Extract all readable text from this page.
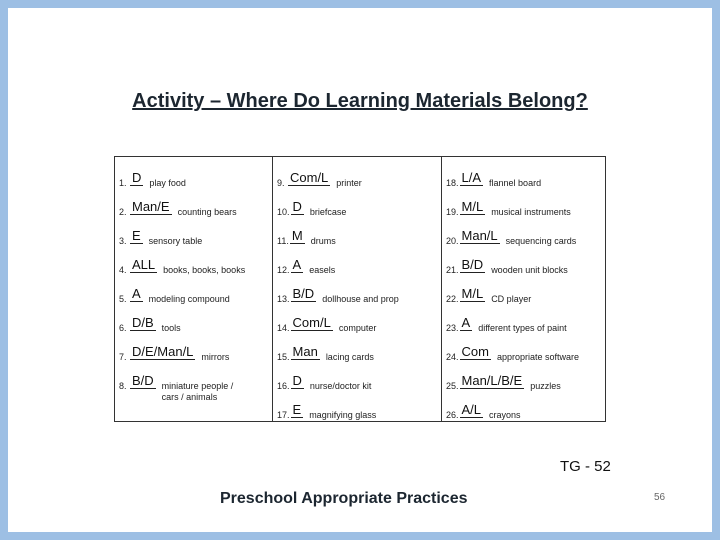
Activity – Where Do Learning Materials Belong?
1. D play food
2. Man/E counting bears
3. E sensory table
4. ALL books, books, books
5. A modeling compound
6. D/B tools
7. D/E/Man/L mirrors
8. B/D miniature people / cars / animals
9. Com/L printer
10. D briefcase
11. M drums
12. A easels
13. B/D dollhouse and prop
14. Com/L computer
15. Man lacing cards
16. D nurse/doctor kit
17. E magnifying glass
18. L/A flannel board
19. M/L musical instruments
20. Man/L sequencing cards
21. B/D wooden unit blocks
22. M/L CD player
23. A different types of paint
24. Com appropriate software
25. Man/L/B/E puzzles
26. A/L crayons
TG - 52
Preschool Appropriate Practices	56
